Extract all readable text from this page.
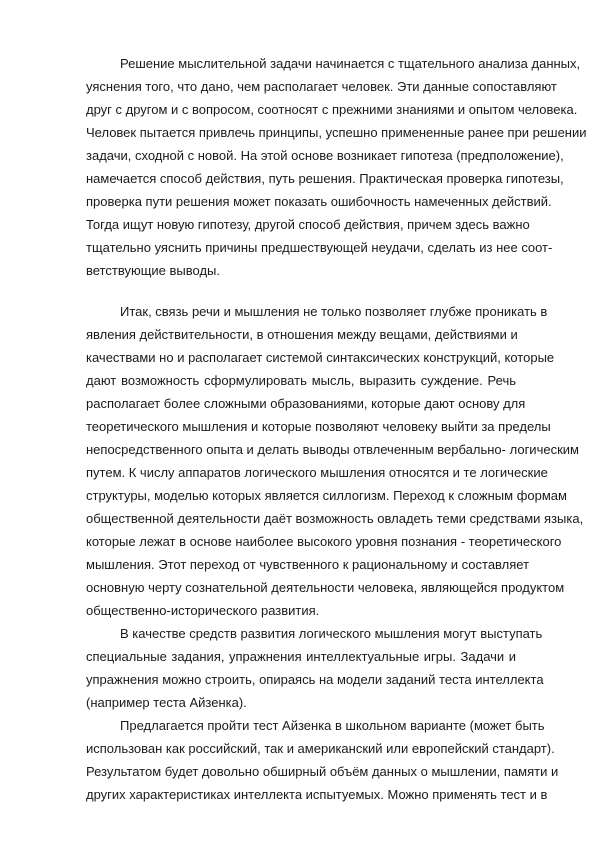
Решение мыслительной задачи начинается с тщательного анализа данных,
уяснения того, что дано, чем располагает человек. Эти данные сопоставляют
друг с другом и с вопросом, соотносят с прежними знаниями и опытом человека.
Человек пытается привлечь принципы, успешно примененные ранее при решении
задачи, сходной с новой. На этой основе возникает гипотеза (предположение),
намечается способ действия, путь решения. Практическая проверка гипотезы,
проверка пути решения может показать ошибочность намеченных действий.
Тогда ищут новую гипотезу, другой способ действия, причем здесь важно
тщательно уяснить причины предшествующей неудачи, сделать из нее сoот-
ветствующие выводы.
Итак, связь речи и мышления не только позволяет глубже проникать в
явления действительности, в отношения между вещами, действиями и
качествами но и располагает системой синтаксических конструкций, которые
дают возможность сформулировать мысль, выразить суждение. Речь
располагает более сложными образованиями, которые дают основу для
теоретического мышления и которые позволяют человеку выйти за пределы
непосредственного опыта и делать выводы отвлеченным вербально- логическим
путем. К числу аппаратов логического мышления относятся и те логические
структуры, моделью которых является силлогизм. Переход к сложным формам
общественной деятельности даёт возможность овладеть теми средствами языка,
которые лежат в основе наиболее высокого уровня познания - теоретического
мышления. Этот переход от чувственного к рациональному и составляет
основную черту сознательной деятельности человека, являющейся продуктом
общественно-исторического развития.
В качестве средств развития логического мышления могут выступать
специальные задания, упражнения интеллектуальные игры. Задачи и
упражнения можно строить, опираясь на модели заданий теста интеллекта
(например теста Айзенка).
Предлагается пройти тест Айзенка в школьном варианте (может быть
использован как российский, так и американский или европейский стандарт).
Результатом будет довольно обширный объём данных о мышлении, памяти и
других характеристиках интеллекта испытуемых. Можно применять тест и в
